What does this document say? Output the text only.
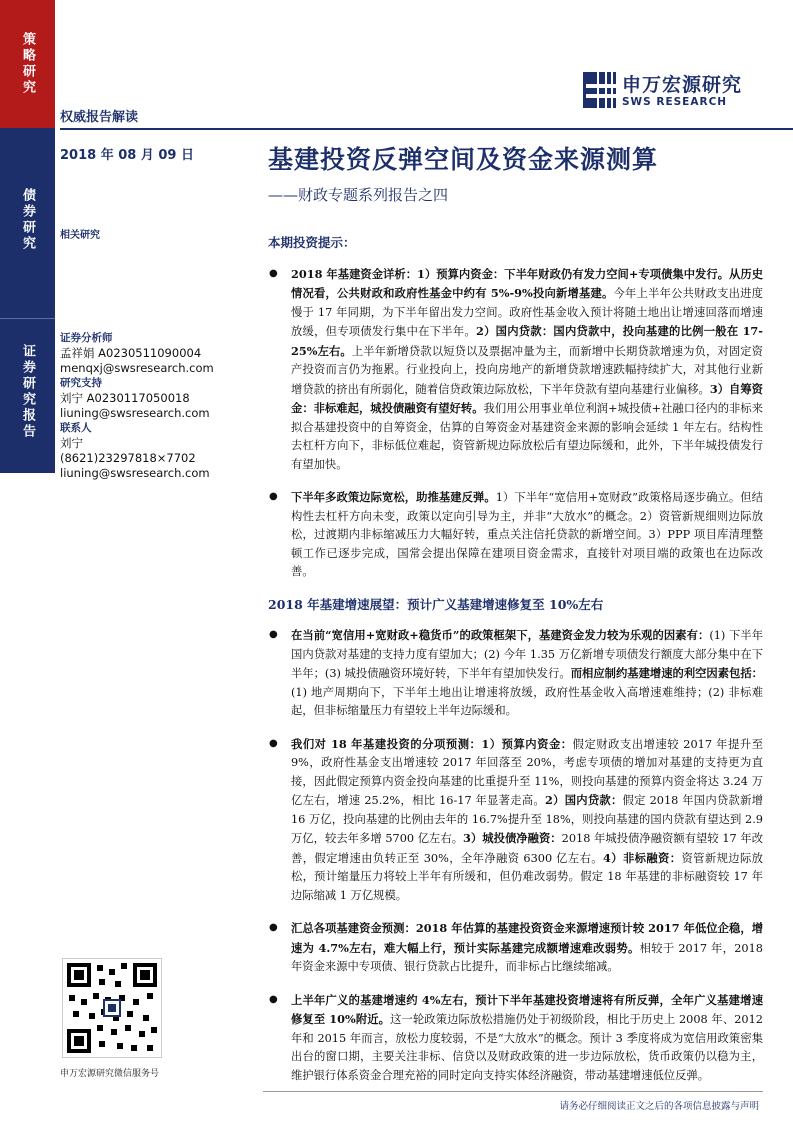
策略研究
债券研究
证券研究报告
权威报告解读
2018 年 08 月 09 日
相关研究
证券分析师
孟祥娟 A0230511090004
menqxj@swsresearch.com
研究支持
刘宁 A0230117050018
liuning@swsresearch.com
联系人
刘宁
(8621)23297818×7702
liuning@swsresearch.com
申万宏源研究微信服务号
申万宏源研究
SWS RESEARCH
基建投资反弹空间及资金来源测算
——财政专题系列报告之四
本期投资提示：
● 2018 年基建资金详析：1）预算内资金：下半年财政仍有发力空间+专项债集中发行。从历史情况看，公共财政和政府性基金中约有 5%-9%投向新增基建。今年上半年公共财政支出进度慢于 17 年同期，为下半年留出发力空间。政府性基金收入预计将随土地出让增速回落而增速放缓，但专项债发行集中在下半年。2）国内贷款：国内贷款中，投向基建的比例一般在 17-25%左右。上半年新增贷款以短贷以及票据冲量为主，而新增中长期贷款增速为负，对固定资产投资而言仍为拖累。行业投向上，投向房地产的新增贷款增速跌幅持续扩大，对其他行业新增贷款的挤出有所弱化，随着信贷政策边际放松，下半年贷款有望向基建行业偏移。3）自筹资金：非标难起，城投债融资有望好转。我们用公用事业单位利润+城投债+社融口径内的非标来拟合基建投资中的自筹资金，估算的自筹资金对基建资金来源的影响会延续 1 年左右。结构性去杠杆方向下，非标低位难起，资管新规边际放松后有望边际缓和，此外，下半年城投债发行有望加快。
● 下半年多政策边际宽松，助推基建反弹。1）下半年“宽信用+宽财政”政策格局逐步确立。但结构性去杠杆方向未变，政策以定向引导为主，并非“大放水”的概念。2）资管新规细则边际放松，过渡期内非标缩减压力大幅好转，重点关注信托贷款的新增空间。3）PPP 项目库清理整顿工作已逐步完成，国常会提出保障在建项目资金需求，直接针对项目端的政策也在边际改善。
2018 年基建增速展望：预计广义基建增速修复至 10%左右
● 在当前“宽信用+宽财政+稳货币”的政策框架下，基建资金发力较为乐观的因素有：(1) 下半年国内贷款对基建的支持力度有望加大；(2) 今年 1.35 万亿新增专项债发行额度大部分集中在下半年；(3) 城投债融资环境好转，下半年有望加快发行。而相应制约基建增速的利空因素包括：(1) 地产周期向下，下半年土地出让增速将放缓，政府性基金收入高增速难维持；(2) 非标难起，但非标缩量压力有望较上半年边际缓和。
● 我们对 18 年基建投资的分项预测：1）预算内资金：假定财政支出增速较 2017 年提升至 9%，政府性基金支出增速较 2017 年回落至 20%，考虑专项债的增加对基建的支持更为直接，因此假定预算内资金投向基建的比重提升至 11%，则投向基建的预算内资金将达 3.24 万亿左右，增速 25.2%，相比 16-17 年显著走高。2）国内贷款：假定 2018 年国内贷款新增 16 万亿，投向基建的比例由去年的 16.7%提升至 18%，则投向基建的国内贷款有望达到 2.9 万亿，较去年多增 5700 亿左右。3）城投债净融资：2018 年城投债净融资额有望较 17 年改善，假定增速由负转正至 30%，全年净融资 6300 亿左右。4）非标融资：资管新规边际放松，预计缩量压力将较上半年有所缓和，但仍难改弱势。假定 18 年基建的非标融资较 17 年边际缩减 1 万亿规模。
● 汇总各项基建资金预测：2018 年估算的基建投资资金来源增速预计较 2017 年低位企稳，增速为 4.7%左右，难大幅上行，预计实际基建完成额增速难改弱势。相较于 2017 年，2018 年资金来源中专项债、银行贷款占比提升，而非标占比继续缩减。
● 上半年广义的基建增速约 4%左右，预计下半年基建投资增速将有所反弹，全年广义基建增速修复至 10%附近。这一轮政策边际放松措施仍处于初级阶段，相比于历史上 2008 年、2012 年和 2015 年而言，放松力度较弱，不是“大放水”的概念。预计 3 季度将成为宽信用政策密集出台的窗口期，主要关注非标、信贷以及财政政策的进一步边际放松，货币政策仍以稳为主，维护银行体系资金合理充裕的同时定向支持实体经济融资，带动基建增速低位反弹。
请务必仔细阅读正文之后的各项信息披露与声明
